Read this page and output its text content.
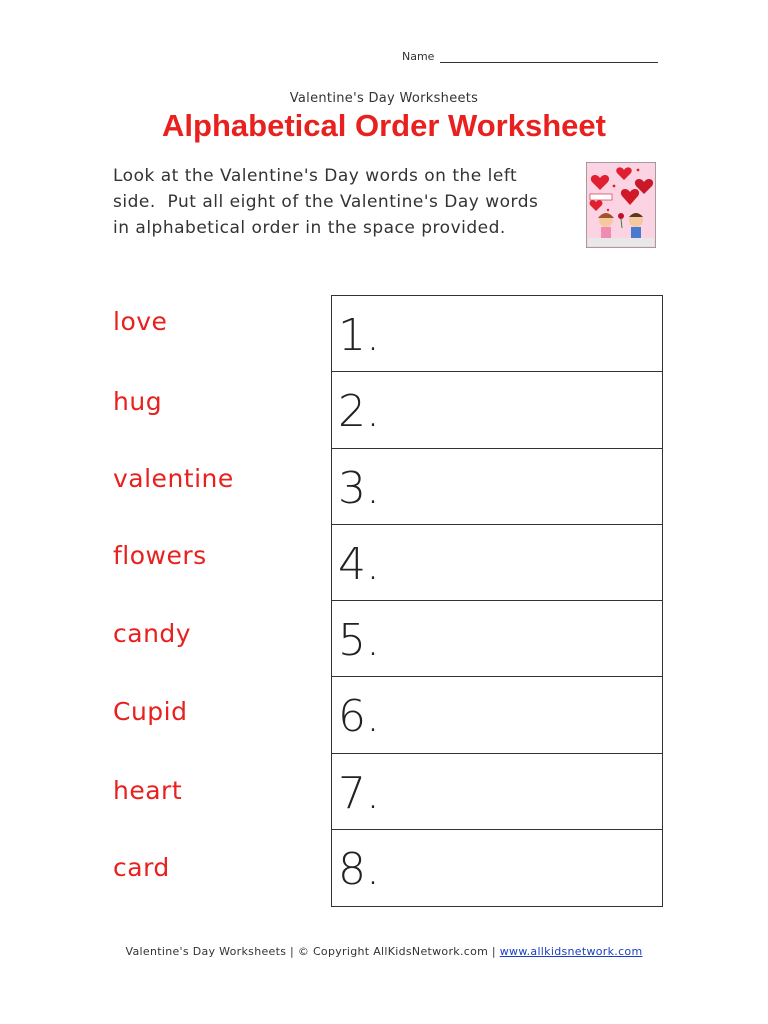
Name
Valentine's Day Worksheets
Alphabetical Order Worksheet
Look at the Valentine's Day words on the left
side.  Put all eight of the Valentine's Day words
in alphabetical order in the space provided.
love
hug
valentine
flowers
candy
Cupid
heart
card
1.
2.
3.
4.
5.
6.
7.
8.
Valentine's Day Worksheets | © Copyright AllKidsNetwork.com | www.allkidsnetwork.com
